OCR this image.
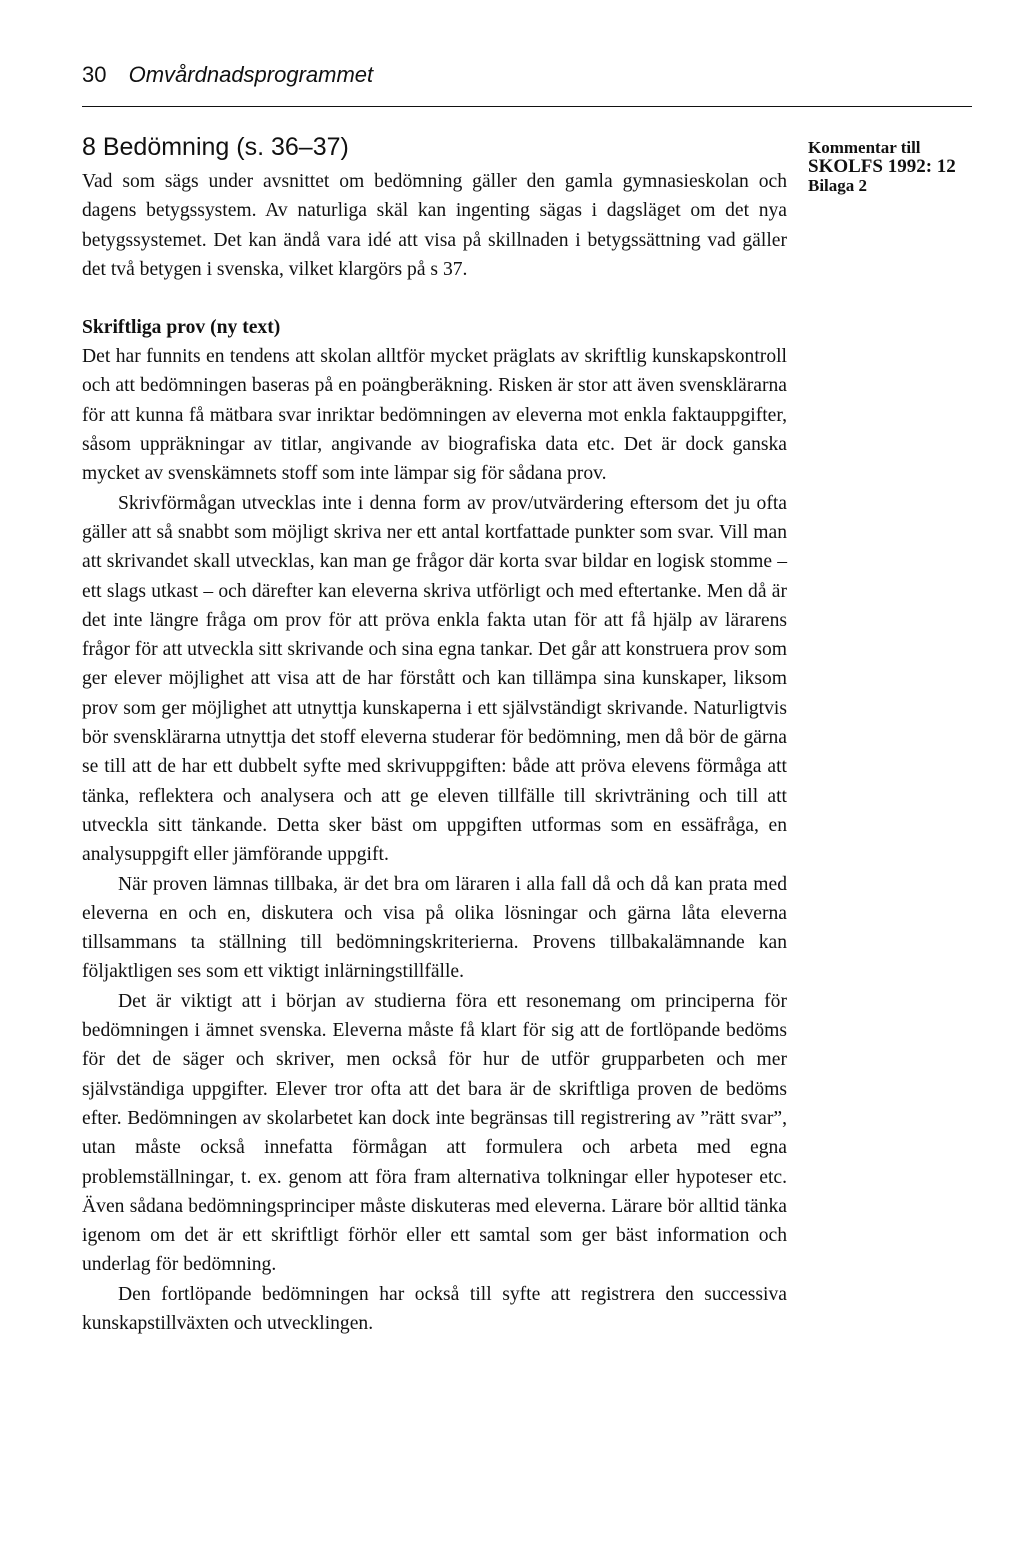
30 Omvårdnadsprogrammet
Kommentar till
SKOLFS 1992: 12
Bilaga 2
8 Bedömning (s. 36–37)

Vad som sägs under avsnittet om bedömning gäller den gamla gymnasieskolan och dagens betygssystem. Av naturliga skäl kan ingenting sägas i dagsläget om det nya betygssystemet. Det kan ändå vara idé att visa på skillnaden i betygssättning vad gäller det två betygen i svenska, vilket klargörs på s 37.

Skriftliga prov (ny text)

Det har funnits en tendens att skolan alltför mycket präglats av skriftlig kunskapskontroll och att bedömningen baseras på en poängberäkning. Risken är stor att även svensklärarna för att kunna få mätbara svar inriktar bedömningen av eleverna mot enkla faktauppgifter, såsom uppräkningar av titlar, angivande av biografiska data etc. Det är dock ganska mycket av svenskämnets stoff som inte lämpar sig för sådana prov.

Skrivförmågan utvecklas inte i denna form av prov/utvärdering eftersom det ju ofta gäller att så snabbt som möjligt skriva ner ett antal kortfattade punkter som svar. Vill man att skrivandet skall utvecklas, kan man ge frågor där korta svar bildar en logisk stomme – ett slags utkast – och därefter kan eleverna skriva utförligt och med eftertanke. Men då är det inte längre fråga om prov för att pröva enkla fakta utan för att få hjälp av lärarens frågor för att utveckla sitt skrivande och sina egna tankar. Det går att konstruera prov som ger elever möjlighet att visa att de har förstått och kan tillämpa sina kunskaper, liksom prov som ger möjlighet att utnyttja kunskaperna i ett självständigt skrivande. Naturligtvis bör svensklärarna utnyttja det stoff eleverna studerar för bedömning, men då bör de gärna se till att de har ett dubbelt syfte med skrivuppgiften: både att pröva elevens förmåga att tänka, reflektera och analysera och att ge eleven tillfälle till skrivträning och till att utveckla sitt tänkande. Detta sker bäst om uppgiften utformas som en essäfråga, en analysuppgift eller jämförande uppgift.

När proven lämnas tillbaka, är det bra om läraren i alla fall då och då kan prata med eleverna en och en, diskutera och visa på olika lösningar och gärna låta eleverna tillsammans ta ställning till bedömningskriterierna. Provens tillbakalämnande kan följaktligen ses som ett viktigt inlärningstillfälle.

Det är viktigt att i början av studierna föra ett resonemang om principerna för bedömningen i ämnet svenska. Eleverna måste få klart för sig att de fortlöpande bedöms för det de säger och skriver, men också för hur de utför grupparbeten och mer självständiga uppgifter. Elever tror ofta att det bara är de skriftliga proven de bedöms efter. Bedömningen av skolarbetet kan dock inte begränsas till registrering av ”rätt svar”, utan måste också innefatta förmågan att formulera och arbeta med egna problemställningar, t. ex. genom att föra fram alternativa tolkningar eller hypoteser etc. Även sådana bedömningsprinciper måste diskuteras med eleverna. Lärare bör alltid tänka igenom om det är ett skriftligt förhör eller ett samtal som ger bäst information och underlag för bedömning.

Den fortlöpande bedömningen har också till syfte att registrera den successiva kunskapstillväxten och utvecklingen.
